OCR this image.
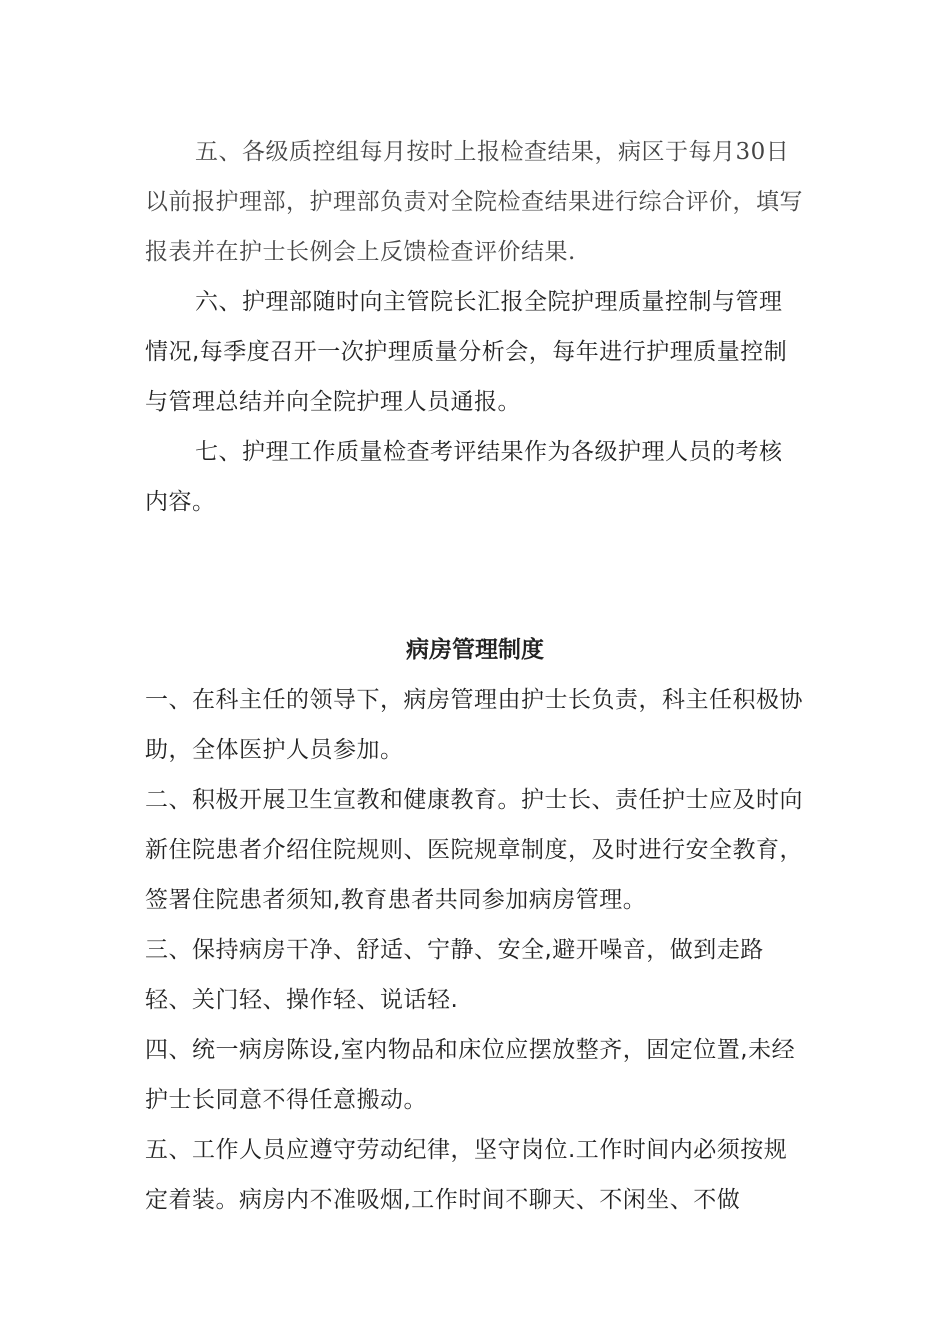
五、各级质控组每月按时上报检查结果，病区于每月30日以前报护理部，护理部负责对全院检查结果进行综合评价，填写报表并在护士长例会上反馈检查评价结果.

六、护理部随时向主管院长汇报全院护理质量控制与管理情况,每季度召开一次护理质量分析会，每年进行护理质量控制与管理总结并向全院护理人员通报。

七、护理工作质量检查考评结果作为各级护理人员的考核内容。

病房管理制度

一、在科主任的领导下，病房管理由护士长负责，科主任积极协助，全体医护人员参加。

二、积极开展卫生宣教和健康教育。护士长、责任护士应及时向新住院患者介绍住院规则、医院规章制度，及时进行安全教育，签署住院患者须知,教育患者共同参加病房管理。

三、保持病房干净、舒适、宁静、安全,避开噪音，做到走路轻、关门轻、操作轻、说话轻.

四、统一病房陈设,室内物品和床位应摆放整齐，固定位置,未经护士长同意不得任意搬动。

五、工作人员应遵守劳动纪律，坚守岗位.工作时间内必须按规定着装。病房内不准吸烟,工作时间不聊天、不闲坐、不做
